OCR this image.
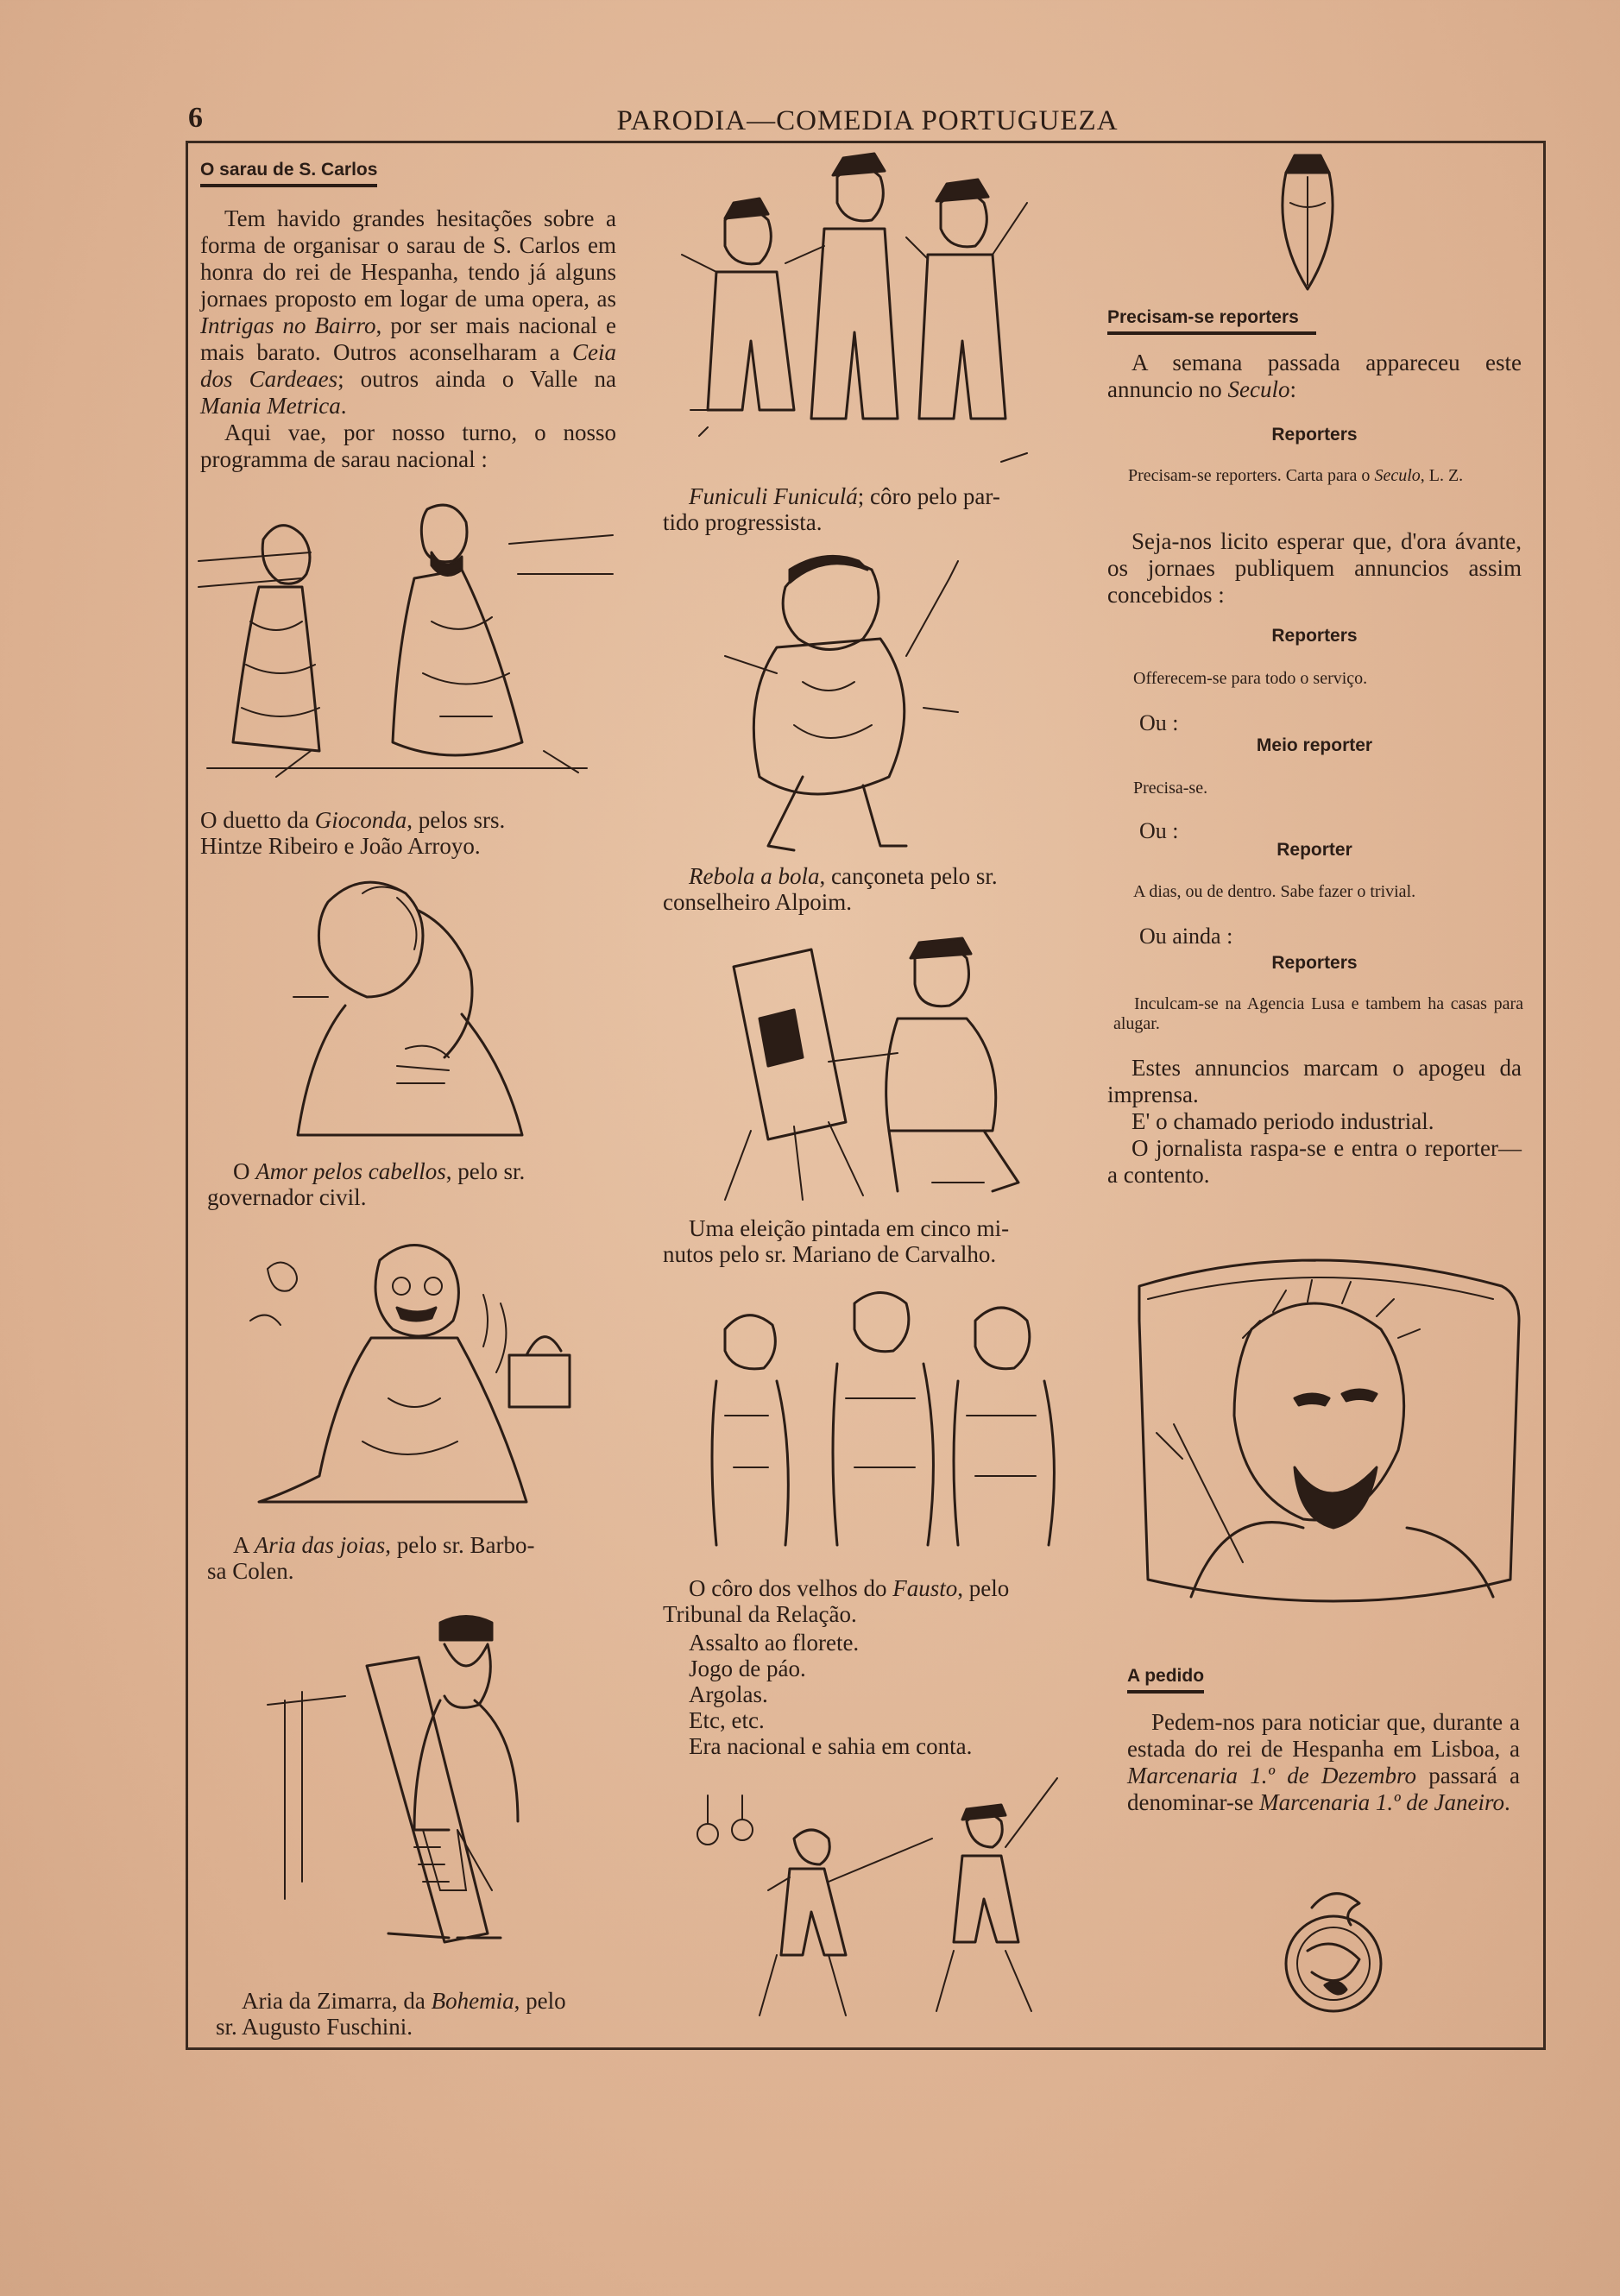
6	PARODIA—COMEDIA PORTUGUEZA
O sarau de S. Carlos

Tem havido grandes hesitações sobre a forma de organisar o sarau de S. Carlos em honra do rei de Hespanha, tendo já alguns jornaes proposto em logar de uma opera, as Intrigas no Bairro, por ser mais nacional e mais barato. Outros aconselharam a Ceia dos Cardeaes; outros ainda o Valle na Mania Metrica.

Aqui vae, por nosso turno, o nosso programma de sarau nacional :

O duetto da Gioconda, pelos srs.
Hintze Ribeiro e João Arroyo.
O Amor pelos cabellos, pelo sr.
governador civil.
A Aria das joias, pelo sr. Barbo-
sa Colen.
Aria da Zimarra, da Bohemia, pelo
sr. Augusto Fuschini.
Funiculi Funiculá; côro pelo par-
tido progressista.
Rebola a bola, cançoneta pelo sr.
conselheiro Alpoim.
Uma eleição pintada em cinco mi-
nutos pelo sr. Mariano de Carvalho.
O côro dos velhos do Fausto, pelo
Tribunal da Relação.
Assalto ao florete.
Jogo de páo.
Argolas.
Etc, etc.
Era nacional e sahia em conta.
Precisam-se reporters

A semana passada appareceu este annuncio no Seculo:

Reporters
Precisam-se reporters. Carta para o Seculo, L. Z.

Seja-nos licito esperar que, d'ora ávante, os jornaes publiquem annuncios assim concebidos :

Reporters
Offerecem-se para todo o serviço.
Ou :
Meio reporter
Precisa-se.
Ou :
Reporter
A dias, ou de dentro. Sabe fazer o trivial.
Ou ainda :
Reporters
Inculcam-se na Agencia Lusa e tambem ha casas para alugar.

Estes annuncios marcam o apogeu da imprensa.

E' o chamado periodo industrial.

O jornalista raspa-se e entra o reporter—a contento.

A pedido

Pedem-nos para noticiar que, durante a estada do rei de Hespanha em Lisboa, a Marcenaria 1.º de Dezembro passará a denominar-se Marcenaria 1.º de Janeiro.
